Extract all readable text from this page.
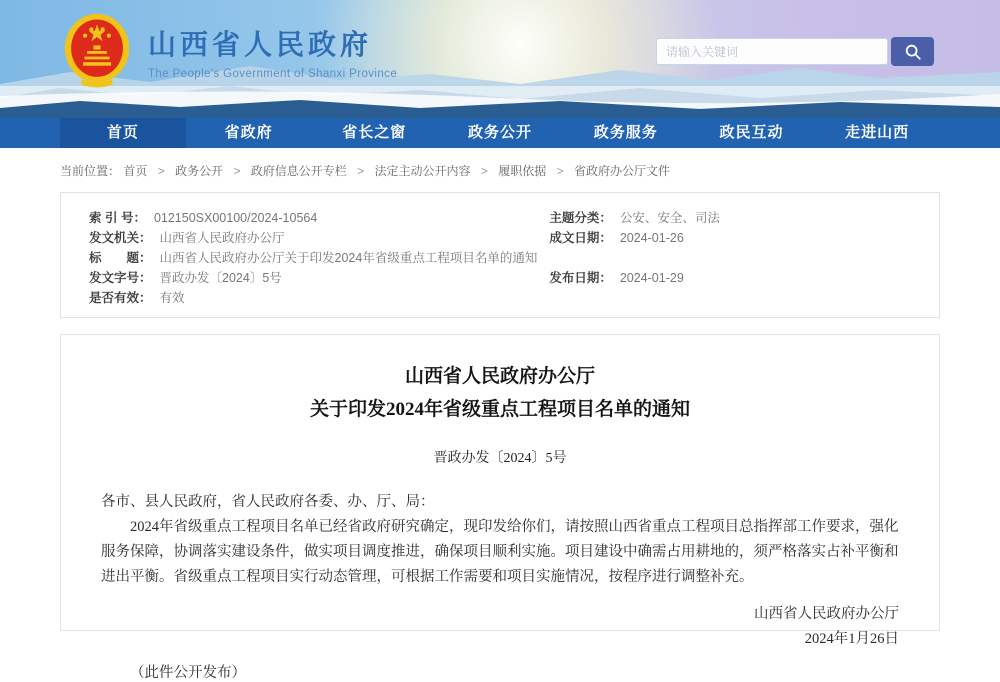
山西省人民政府
The People's Government of Shanxi Province
请输入关键词
首页	省政府	省长之窗	政务公开	政务服务	政民互动	走进山西
当前位置： 首页 > 政务公开 > 政府信息公开专栏 > 法定主动公开内容 > 履职依据 > 省政府办公厅文件
索 引 号： 012150SX00100/2024-10564
发文机关： 山西省人民政府办公厅
标　　题： 山西省人民政府办公厅关于印发2024年省级重点工程项目名单的通知
发文字号： 晋政办发〔2024〕5号
是否有效： 有效
主题分类： 公安、安全、司法
成文日期： 2024-01-26
发布日期： 2024-01-29
山西省人民政府办公厅
关于印发2024年省级重点工程项目名单的通知
晋政办发〔2024〕5号
各市、县人民政府，省人民政府各委、办、厅、局：
2024年省级重点工程项目名单已经省政府研究确定，现印发给你们，请按照山西省重点工程项目总指挥部工作要求，强化服务保障，协调落实建设条件，做实项目调度推进，确保项目顺利实施。项目建设中确需占用耕地的，须严格落实占补平衡和进出平衡。省级重点工程项目实行动态管理，可根据工作需要和项目实施情况，按程序进行调整补充。
山西省人民政府办公厅
2024年1月26日
（此件公开发布）
